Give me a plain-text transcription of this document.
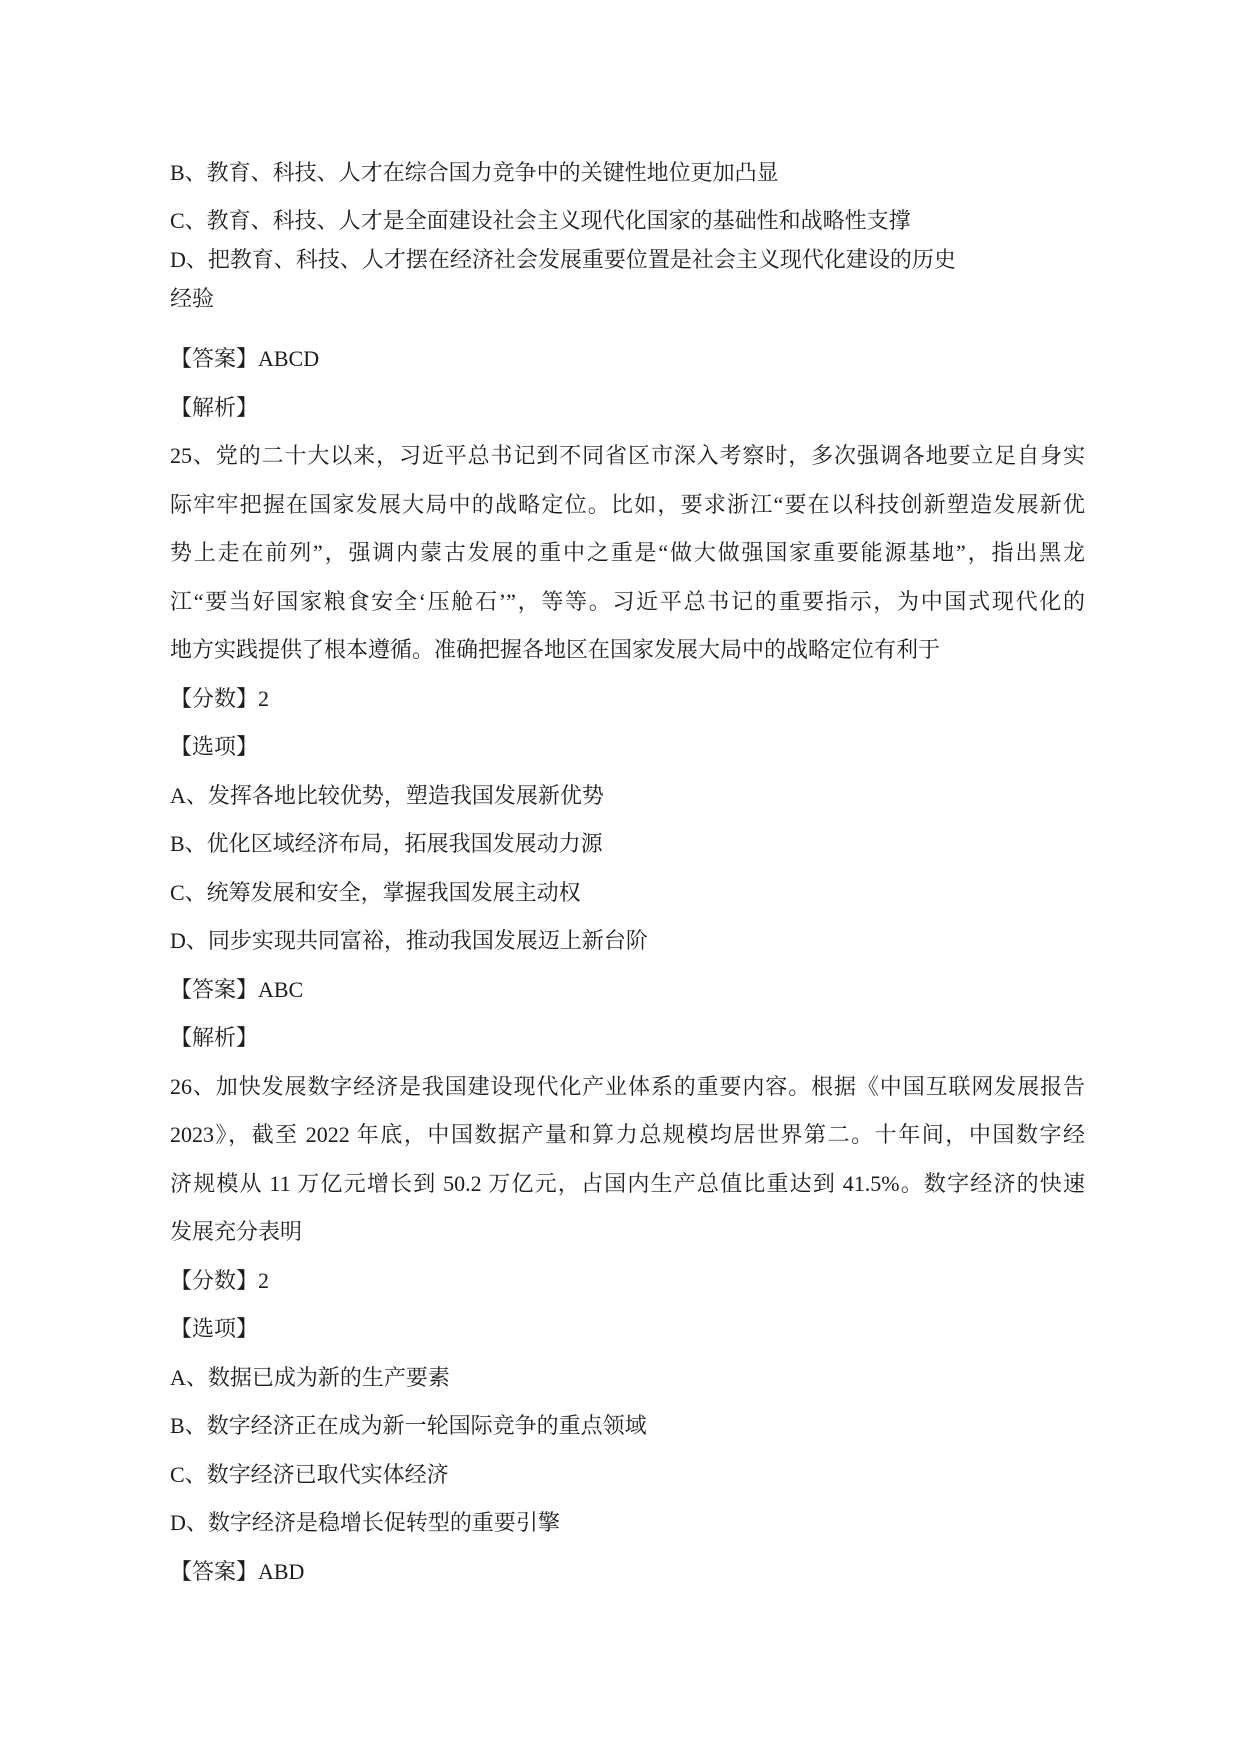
B、教育、科技、人才在综合国力竞争中的关键性地位更加凸显

C、教育、科技、人才是全面建设社会主义现代化国家的基础性和战略性支撑

D、把教育、科技、人才摆在经济社会发展重要位置是社会主义现代化建设的历史

经验

【答案】ABCD

【解析】

25、党的二十大以来，习近平总书记到不同省区市深入考察时，多次强调各地要立足自身实

际牢牢把握在国家发展大局中的战略定位。比如，要求浙江“要在以科技创新塑造发展新优

势上走在前列”，强调内蒙古发展的重中之重是“做大做强国家重要能源基地”，指出黑龙

江“要当好国家粮食安全‘压舱石’”，等等。习近平总书记的重要指示，为中国式现代化的

地方实践提供了根本遵循。准确把握各地区在国家发展大局中的战略定位有利于

【分数】2

【选项】

A、发挥各地比较优势，塑造我国发展新优势

B、优化区域经济布局，拓展我国发展动力源

C、统筹发展和安全，掌握我国发展主动权

D、同步实现共同富裕，推动我国发展迈上新台阶

【答案】ABC

【解析】

26、加快发展数字经济是我国建设现代化产业体系的重要内容。根据《中国互联网发展报告

2023》，截至 2022 年底，中国数据产量和算力总规模均居世界第二。十年间，中国数字经

济规模从 11 万亿元增长到 50.2 万亿元，占国内生产总值比重达到 41.5%。数字经济的快速

发展充分表明

【分数】2

【选项】

A、数据已成为新的生产要素

B、数字经济正在成为新一轮国际竞争的重点领域

C、数字经济已取代实体经济

D、数字经济是稳增长促转型的重要引擎

【答案】ABD
